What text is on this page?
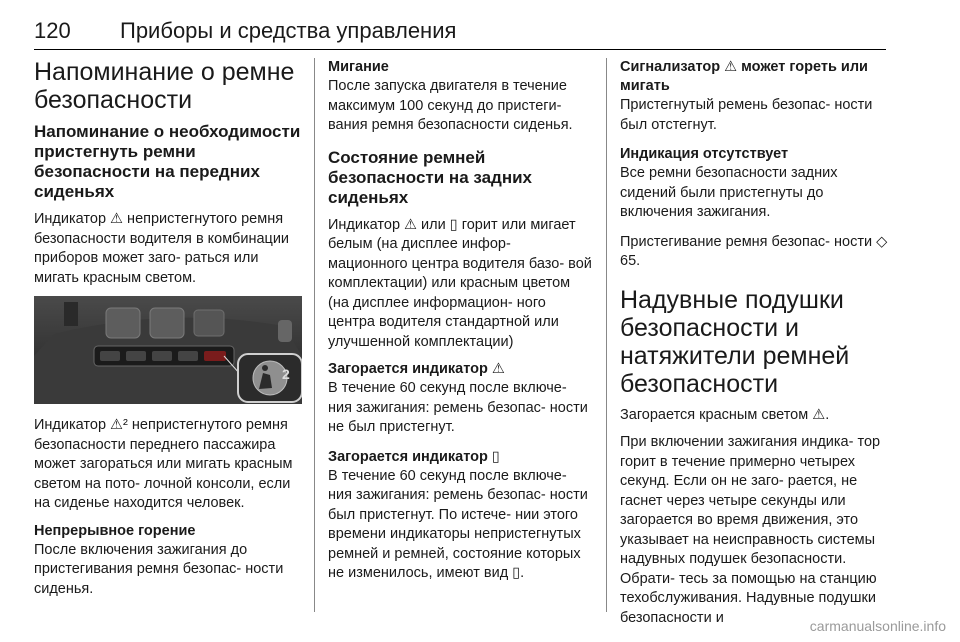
120 Приборы и средства управления
Напоминание о ремне безопасности
Напоминание о необходимости пристегнуть ремни безопасности на передних сиденьях
Индикатор ⚠ непристегнутого ремня безопасности водителя в комбинации приборов может заго- раться или мигать красным светом.
2
Индикатор ⚠² непристегнутого ремня безопасности переднего пассажира может загораться или мигать красным светом на пото- лочной консоли, если на сиденье находится человек.
Непрерывное горение
После включения зажигания до пристегивания ремня безопас- ности сиденья.
Мигание
После запуска двигателя в течение максимум 100 секунд до пристеги- вания ремня безопасности сиденья.
Состояние ремней безопасности на задних сиденьях
Индикатор ⚠ или ▯ горит или мигает белым (на дисплее инфор- мационного центра водителя базо- вой комплектации) или красным цветом (на дисплее информацион- ного центра водителя стандартной или улучшенной комплектации)
Загорается индикатор ⚠
В течение 60 секунд после включе- ния зажигания: ремень безопас- ности не был пристегнут.
Загорается индикатор ▯
В течение 60 секунд после включе- ния зажигания: ремень безопас- ности был пристегнут. По истече- нии этого времени индикаторы непристегнутых ремней и ремней, состояние которых не изменилось, имеют вид ▯.
Сигнализатор ⚠ может гореть или мигать
Пристегнутый ремень безопас- ности был отстегнут.
Индикация отсутствует
Все ремни безопасности задних сидений были пристегнуты до включения зажигания.
Пристегивание ремня безопас- ности ◇ 65.
Надувные подушки безопасности и натяжители ремней безопасности
Загорается красным светом ⚠.
При включении зажигания индика- тор горит в течение примерно четырех секунд. Если он не заго- рается, не гаснет через четыре секунды или загорается во время движения, это указывает на неисправность системы надувных подушек безопасности. Обрати- тесь за помощью на станцию техобслуживания. Надувные подушки безопасности и
carmanualsonline.info
